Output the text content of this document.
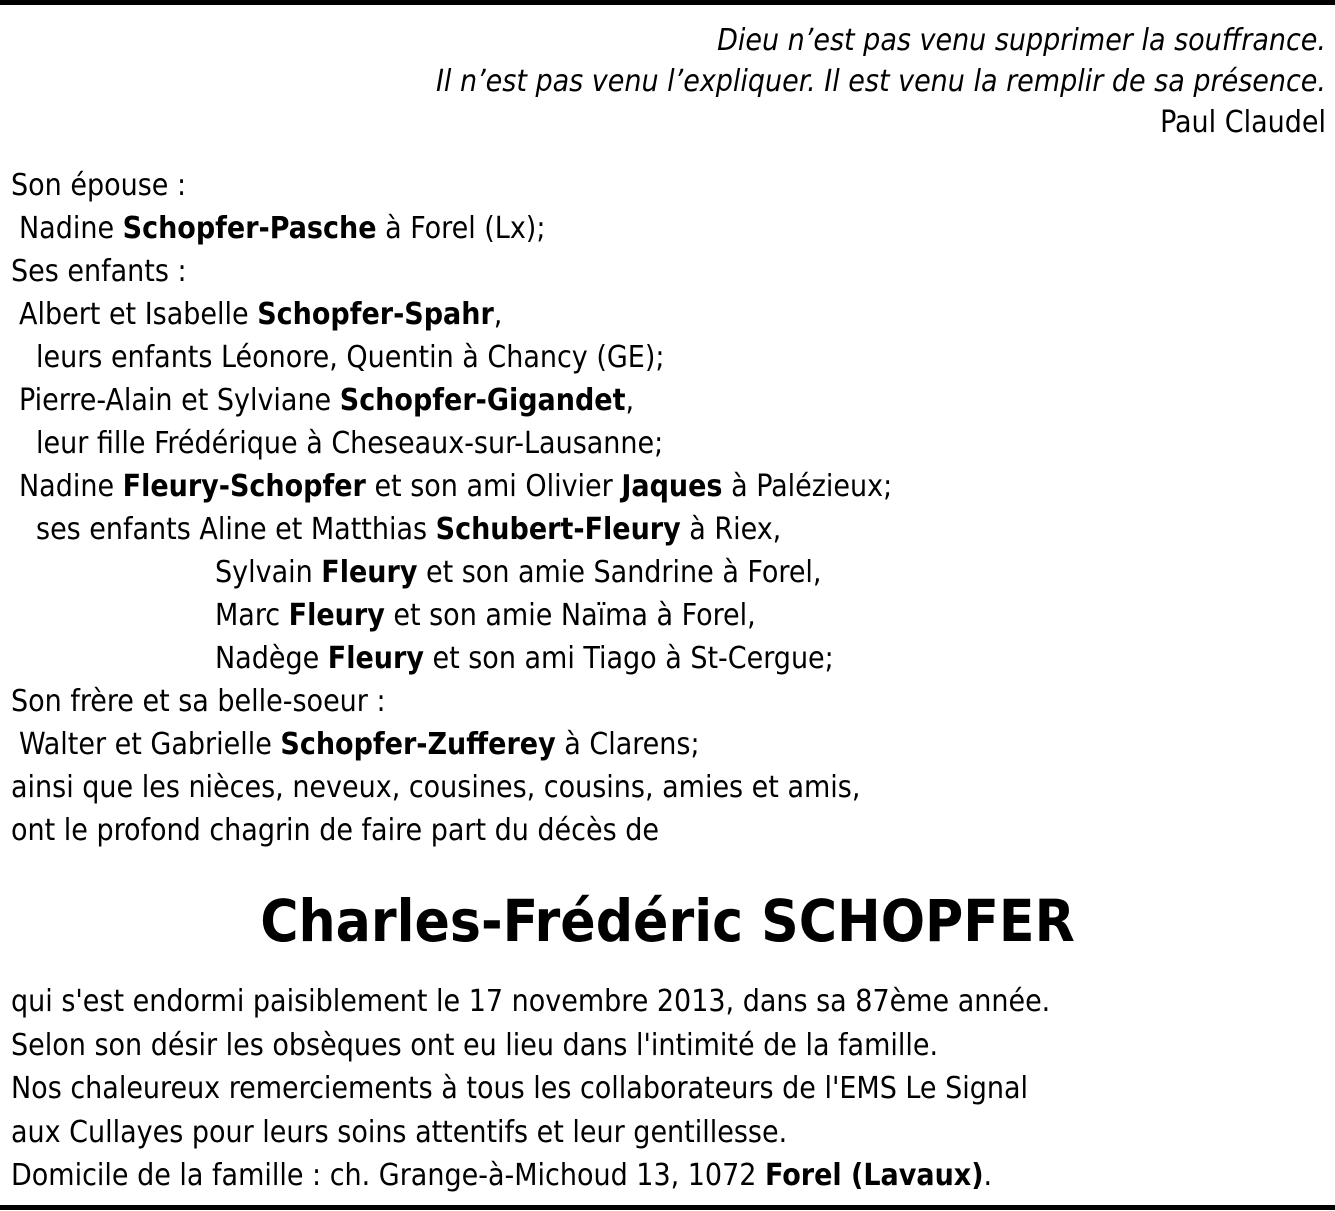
Dieu n’est pas venu supprimer la souffrance.
Il n’est pas venu l’expliquer. Il est venu la remplir de sa présence.
Paul Claudel
Son épouse :
Nadine Schopfer-Pasche à Forel (Lx);
Ses enfants :
Albert et Isabelle Schopfer-Spahr,
leurs enfants Léonore, Quentin à Chancy (GE);
Pierre-Alain et Sylviane Schopfer-Gigandet,
leur fille Frédérique à Cheseaux-sur-Lausanne;
Nadine Fleury-Schopfer et son ami Olivier Jaques à Palézieux;
ses enfants Aline et Matthias Schubert-Fleury à Riex,
Sylvain Fleury et son amie Sandrine à Forel,
Marc Fleury et son amie Naïma à Forel,
Nadège Fleury et son ami Tiago à St-Cergue;
Son frère et sa belle-soeur :
Walter et Gabrielle Schopfer-Zufferey à Clarens;
ainsi que les nièces, neveux, cousines, cousins, amies et amis,
ont le profond chagrin de faire part du décès de
Charles-Frédéric SCHOPFER
qui s'est endormi paisiblement le 17 novembre 2013, dans sa 87ème année.
Selon son désir les obsèques ont eu lieu dans l'intimité de la famille.
Nos chaleureux remerciements à tous les collaborateurs de l'EMS Le Signal
aux Cullayes pour leurs soins attentifs et leur gentillesse.
Domicile de la famille : ch. Grange-à-Michoud 13, 1072 Forel (Lavaux).
